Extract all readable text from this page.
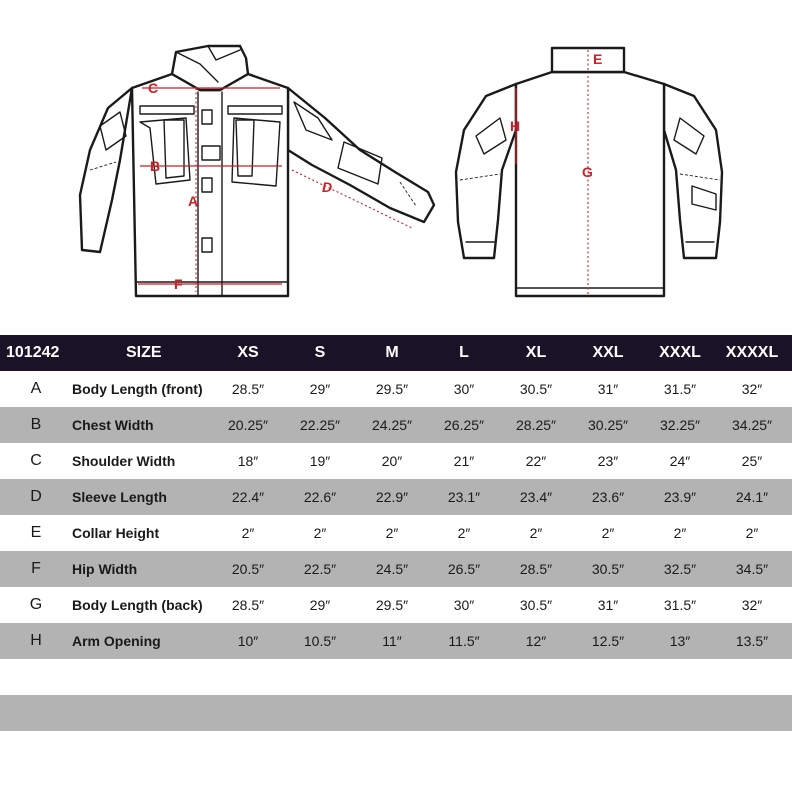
C
B
A
F
D
E
G
H
101242	SIZE	XS	S	M	L	XL	XXL	XXXL	XXXXL
A	Body Length (front)	28.5″	29″	29.5″	30″	30.5″	31″	31.5″	32″
B	Chest Width	20.25″	22.25″	24.25″	26.25″	28.25″	30.25″	32.25″	34.25″
C	Shoulder Width	18″	19″	20″	21″	22″	23″	24″	25″
D	Sleeve Length	22.4″	22.6″	22.9″	23.1″	23.4″	23.6″	23.9″	24.1″
E	Collar Height	2″	2″	2″	2″	2″	2″	2″	2″
F	Hip Width	20.5″	22.5″	24.5″	26.5″	28.5″	30.5″	32.5″	34.5″
G	Body Length (back)	28.5″	29″	29.5″	30″	30.5″	31″	31.5″	32″
H	Arm Opening	10″	10.5″	11″	11.5″	12″	12.5″	13″	13.5″
